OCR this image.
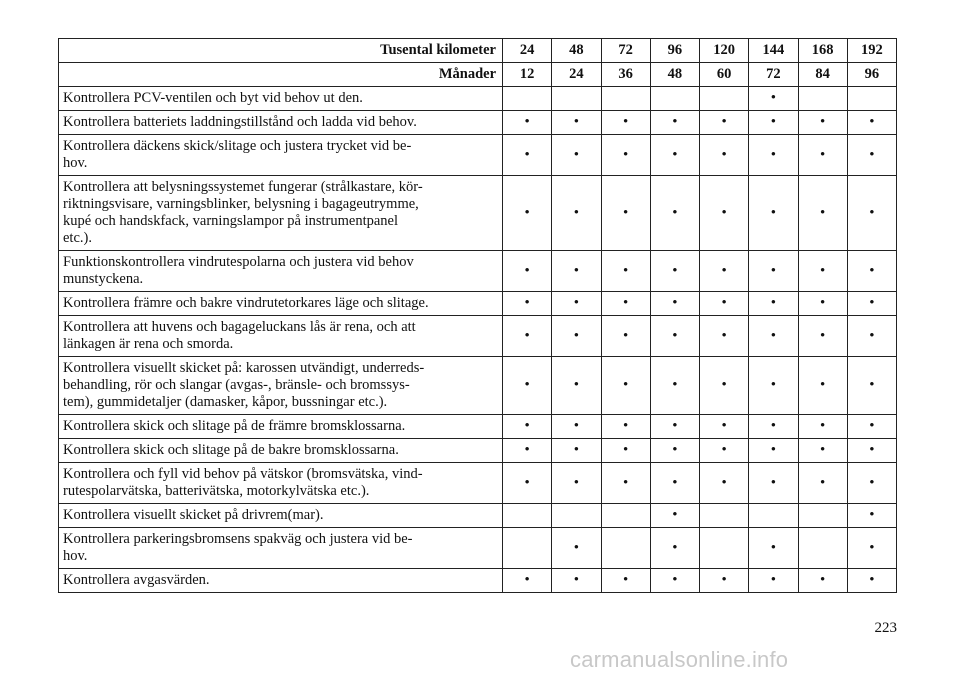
Tusental kilometer	24	48	72	96	120	144	168	192
Månader	12	24	36	48	60	72	84	96
Kontrollera PCV-ventilen och byt vid behov ut den.						•		
Kontrollera batteriets laddningstillstånd och ladda vid behov.	•	•	•	•	•	•	•	•
Kontrollera däckens skick/slitage och justera trycket vid be-
hov.	•	•	•	•	•	•	•	•
Kontrollera att belysningssystemet fungerar (strålkastare, kör-
riktningsvisare, varningsblinker, belysning i bagageutrymme,
kupé och handskfack, varningslampor på instrumentpanel
etc.).	•	•	•	•	•	•	•	•
Funktionskontrollera vindrutespolarna och justera vid behov
munstyckena.	•	•	•	•	•	•	•	•
Kontrollera främre och bakre vindrutetorkares läge och slitage.	•	•	•	•	•	•	•	•
Kontrollera att huvens och bagageluckans lås är rena, och att
länkagen är rena och smorda.	•	•	•	•	•	•	•	•
Kontrollera visuellt skicket på: karossen utvändigt, underreds-
behandling, rör och slangar (avgas-, bränsle- och bromssys-
tem), gummidetaljer (damasker, kåpor, bussningar etc.).	•	•	•	•	•	•	•	•
Kontrollera skick och slitage på de främre bromsklossarna.	•	•	•	•	•	•	•	•
Kontrollera skick och slitage på de bakre bromsklossarna.	•	•	•	•	•	•	•	•
Kontrollera och fyll vid behov på vätskor (bromsvätska, vind-
rutespolarvätska, batterivätska, motorkylvätska etc.).	•	•	•	•	•	•	•	•
Kontrollera visuellt skicket på drivrem(mar).				•				•
Kontrollera parkeringsbromsens spakväg och justera vid be-
hov.		•		•		•		•
Kontrollera avgasvärden.	•	•	•	•	•	•	•	•
223
carmanualsonline.info
